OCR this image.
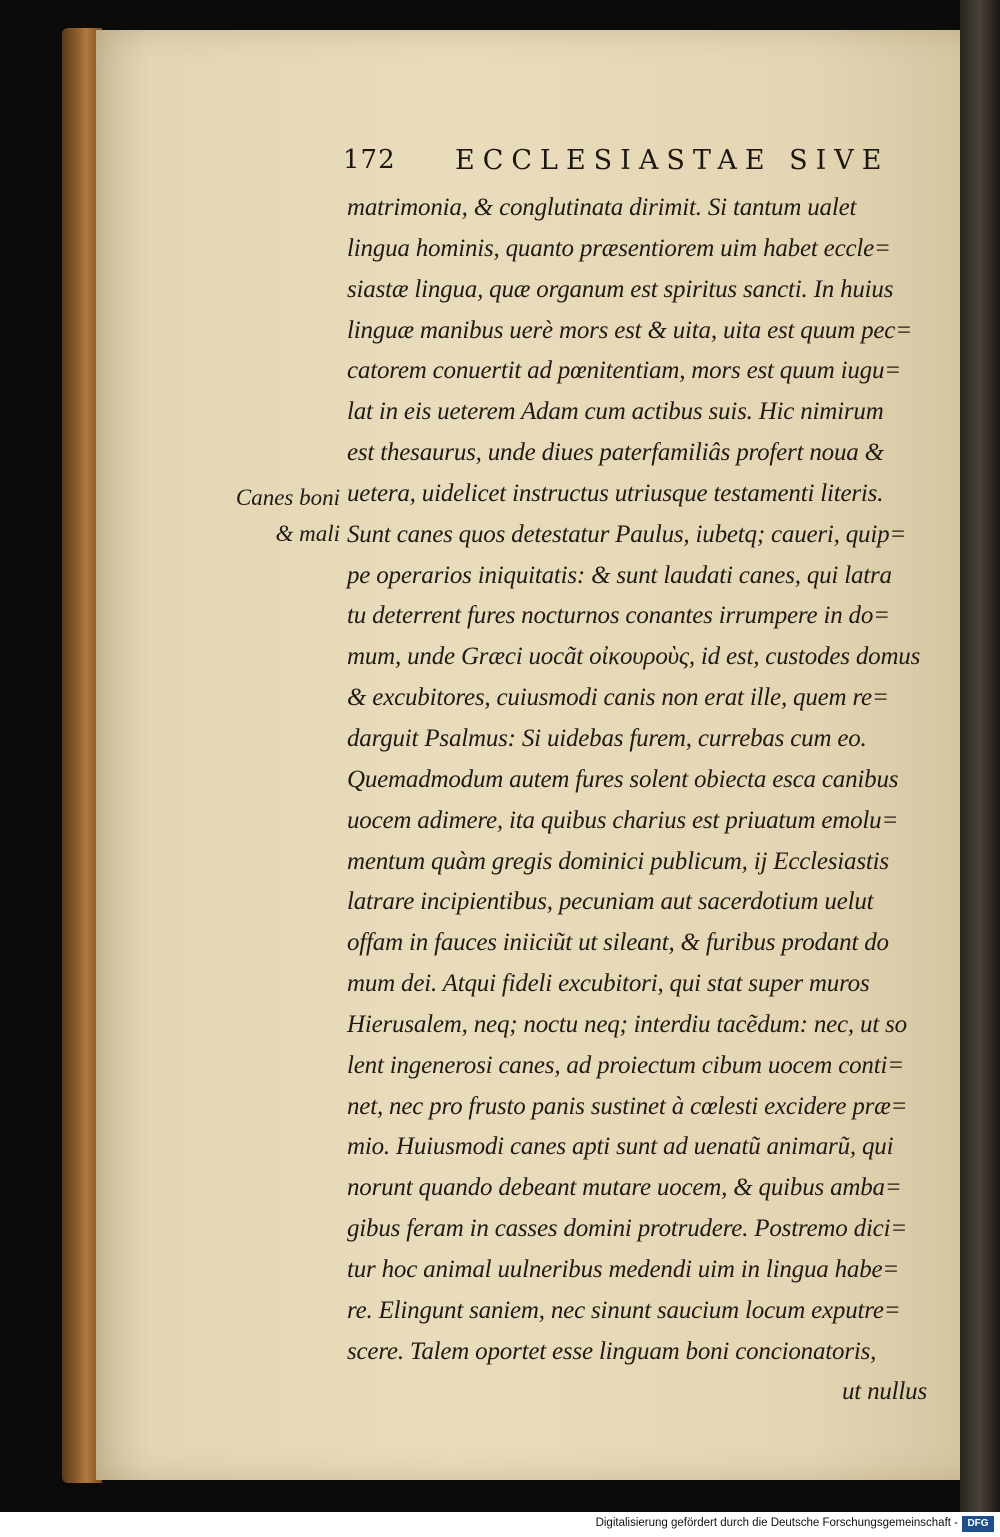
172 ECCLESIASTAE SIVE
Canes boni
& mali
matrimonia, & conglutinata dirimit. Si tantum ualet
lingua hominis, quanto præsentiorem uim habet eccle=
siastæ lingua, quæ organum est spiritus sancti. In huius
linguæ manibus uerè mors est & uita, uita est quum pec=
catorem conuertit ad pœnitentiam, mors est quum iugu=
lat in eis ueterem Adam cum actibus suis. Hic nimirum
est thesaurus, unde diues paterfamiliâs profert noua &
uetera, uidelicet instructus utriusque testamenti literis.
Sunt canes quos detestatur Paulus, iubetq; caueri, quip=
pe operarios iniquitatis: & sunt laudati canes, qui latra
tu deterrent fures nocturnos conantes irrumpere in do=
mum, unde Græci uocãt οἰκουροὺς, id est, custodes domus
& excubitores, cuiusmodi canis non erat ille, quem re=
darguit Psalmus: Si uidebas furem, currebas cum eo.
Quemadmodum autem fures solent obiecta esca canibus
uocem adimere, ita quibus charius est priuatum emolu=
mentum quàm gregis dominici publicum, ij Ecclesiastis
latrare incipientibus, pecuniam aut sacerdotium uelut
offam in fauces iniiciũt ut sileant, & furibus prodant do
mum dei. Atqui fideli excubitori, qui stat super muros
Hierusalem, neq; noctu neq; interdiu tacẽdum: nec, ut so
lent ingenerosi canes, ad proiectum cibum uocem conti=
net, nec pro frusto panis sustinet à cœlesti excidere præ=
mio. Huiusmodi canes apti sunt ad uenatũ animarũ, qui
norunt quando debeant mutare uocem, & quibus amba=
gibus feram in casses domini protrudere. Postremo dici=
tur hoc animal uulneribus medendi uim in lingua habe=
re. Elingunt saniem, nec sinunt saucium locum exputre=
scere. Talem oportet esse linguam boni concionatoris,
ut nullus
Digitalisierung gefördert durch die Deutsche Forschungsgemeinschaft - DFG
